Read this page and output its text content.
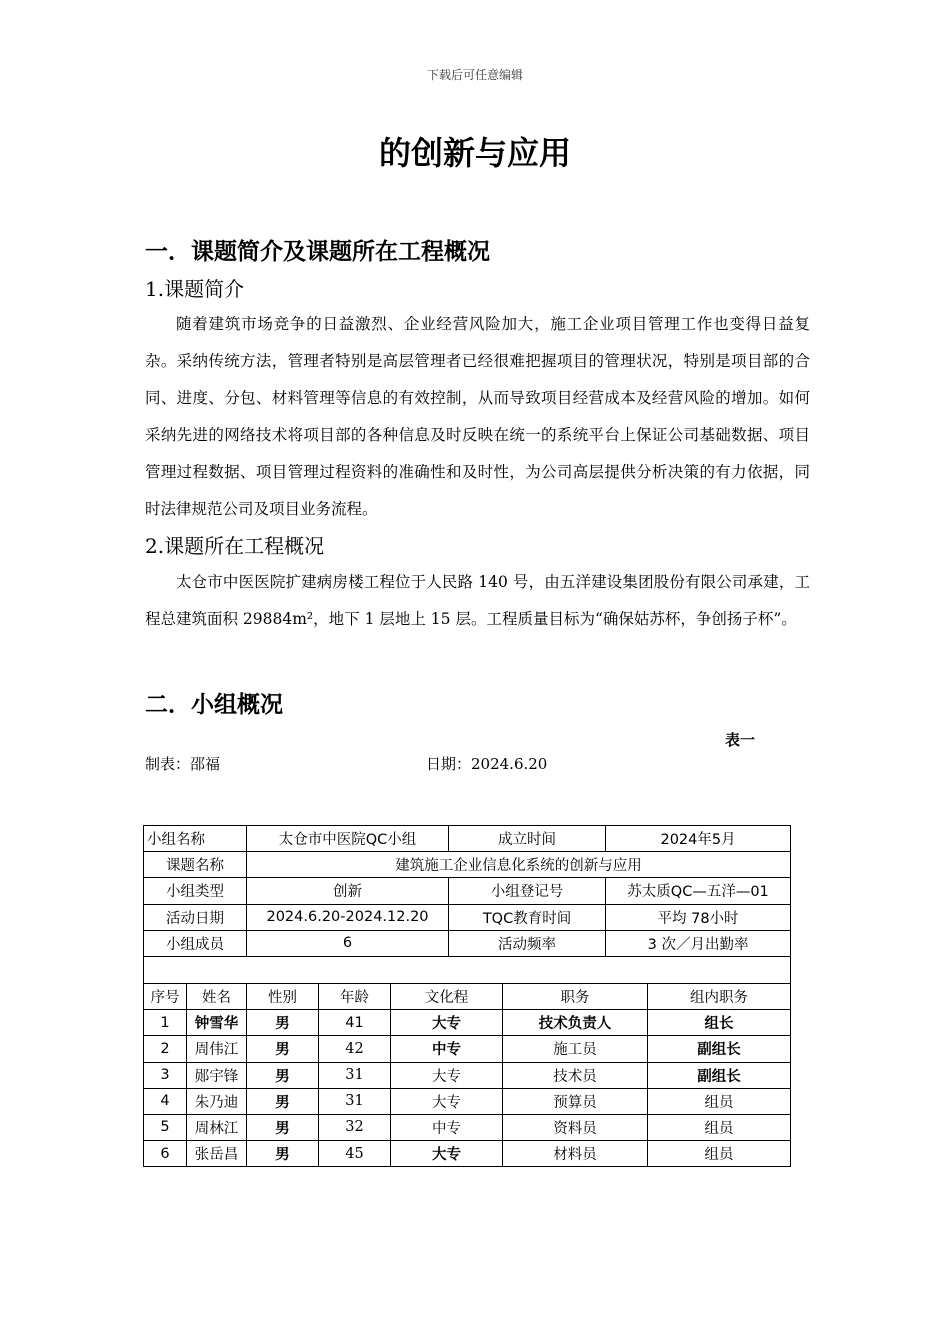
下载后可任意编辑
的创新与应用
一．课题简介及课题所在工程概况
1.课题简介
随着建筑市场竞争的日益激烈、企业经营风险加大，施工企业项目管理工作也变得日益复杂。采纳传统方法，管理者特别是高层管理者已经很难把握项目的管理状况，特别是项目部的合同、进度、分包、材料管理等信息的有效控制，从而导致项目经营成本及经营风险的增加。如何采纳先进的网络技术将项目部的各种信息及时反映在统一的系统平台上保证公司基础数据、项目管理过程数据、项目管理过程资料的准确性和及时性，为公司高层提供分析决策的有力依据，同时法律规范公司及项目业务流程。
2.课题所在工程概况
太仓市中医医院扩建病房楼工程位于人民路 140 号，由五洋建设集团股份有限公司承建，工程总建筑面积 29884m²，地下 1 层地上 15 层。工程质量目标为“确保姑苏杯，争创扬子杯”。
二．小组概况
表一
制表：邵福	日期：2024.6.20
小组名称		太仓市中医院QC小组			成立时间		2024年5月	
课题名称		建筑施工企业信息化系统的创新与应用						
小组类型		创新			小组登记号		苏太质QC—五洋—01	
活动日期		2024.6.20-2024.12.20			TQC教育时间		平均 78小时	
小组成员		6			活动频率		3 次／月出勤率	

序号	姓名	性别	年龄	文化程		职务		组内职务
1	钟雪华	男	41	大专		技术负责人		组长
2	周伟江	男	42	中专		施工员		副组长
3	郧宇锋	男	31	大专		技术员		副组长
4	朱乃迪	男	31	大专		预算员		组员
5	周林江	男	32	中专		资料员		组员
6	张岳昌	男	45	大专		材料员		组员
